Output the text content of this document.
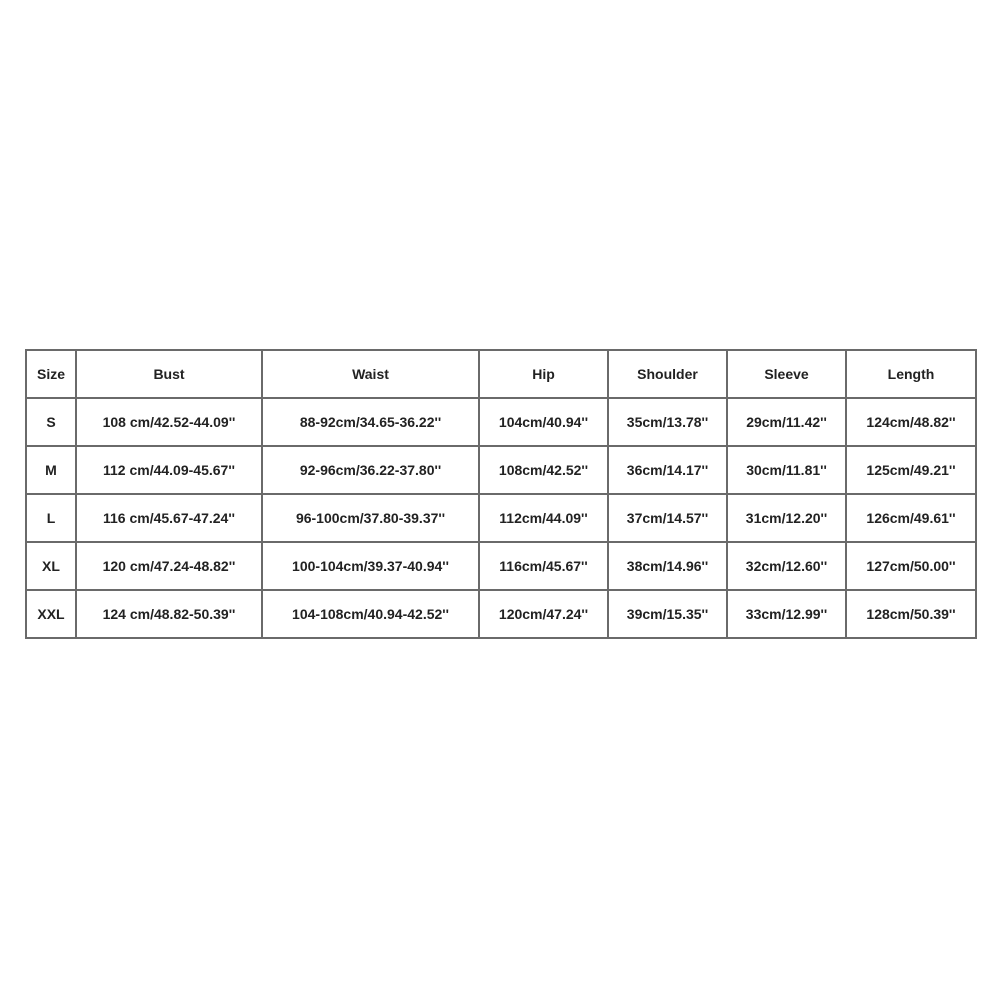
Size	Bust	Waist	Hip	Shoulder	Sleeve	Length
S	108 cm/42.52-44.09''	88-92cm/34.65-36.22''	104cm/40.94''	35cm/13.78''	29cm/11.42''	124cm/48.82''
M	112 cm/44.09-45.67''	92-96cm/36.22-37.80''	108cm/42.52''	36cm/14.17''	30cm/11.81''	125cm/49.21''
L	116 cm/45.67-47.24''	96-100cm/37.80-39.37''	112cm/44.09''	37cm/14.57''	31cm/12.20''	126cm/49.61''
XL	120 cm/47.24-48.82''	100-104cm/39.37-40.94''	116cm/45.67''	38cm/14.96''	32cm/12.60''	127cm/50.00''
XXL	124 cm/48.82-50.39''	104-108cm/40.94-42.52''	120cm/47.24''	39cm/15.35''	33cm/12.99''	128cm/50.39''
